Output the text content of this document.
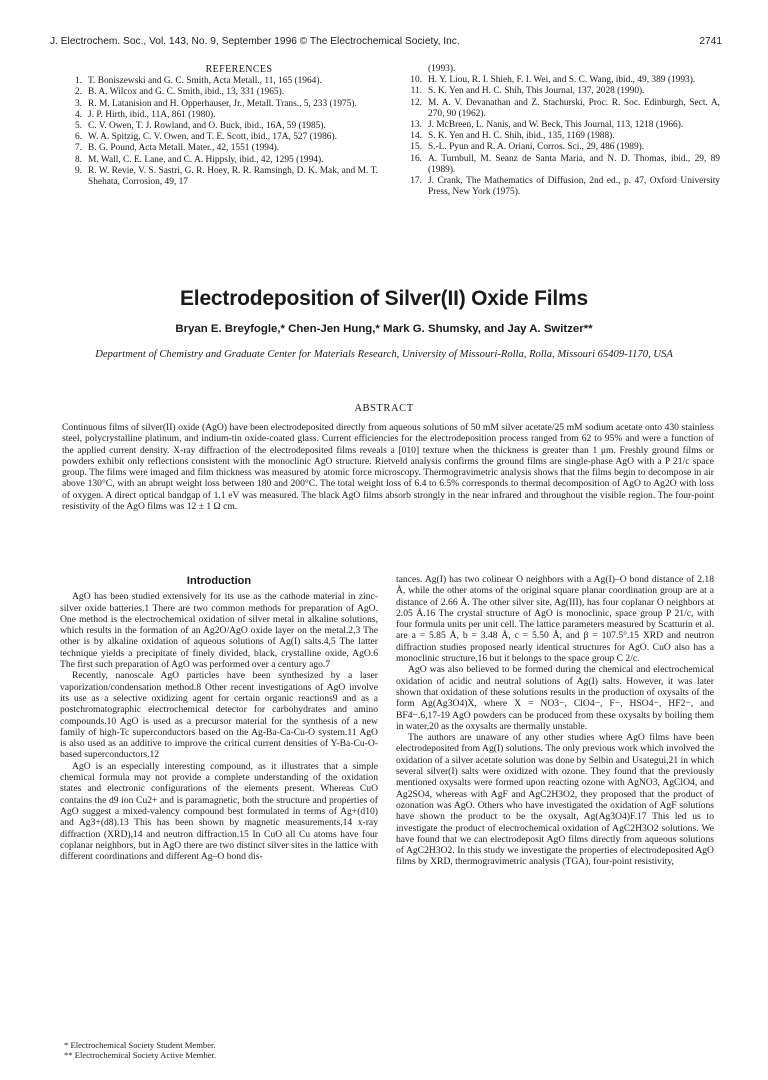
J. Electrochem. Soc., Vol. 143, No. 9, September 1996 © The Electrochemical Society, Inc.	2741
REFERENCES
1. T. Boniszewski and G. C. Smith, Acta Metall., 11, 165 (1964).
2. B. A. Wilcox and G. C. Smith, ibid., 13, 331 (1965).
3. R. M. Latanision and H. Opperhauser, Jr., Metall. Trans., 5, 233 (1975).
4. J. P. Hirth, ibid., 11A, 861 (1980).
5. C. V. Owen, T. J. Rowland, and O. Buck, ibid., 16A, 59 (1985).
6. W. A. Spitzig, C. V. Owen, and T. E. Scott, ibid., 17A, 527 (1986).
7. B. G. Pound, Acta Metall. Mater., 42, 1551 (1994).
8. M. Wall, C. E. Lane, and C. A. Hippsly, ibid., 42, 1295 (1994).
9. R. W. Revie, V. S. Sastri, G. R. Hoey, R. R. Ramsingh, D. K. Mak, and M. T. Shehata, Corrosion, 49, 17
(1993).
10. H. Y. Liou, R. I. Shieh, F. I. Wei, and S. C. Wang, ibid., 49, 389 (1993).
11. S. K. Yen and H. C. Shih, This Journal, 137, 2028 (1990).
12. M. A. V. Devanathan and Z. Stachurski, Proc. R. Soc. Edinburgh, Sect. A, 270, 90 (1962).
13. J. McBreen, L. Nanis, and W. Beck, This Journal, 113, 1218 (1966).
14. S. K. Yen and H. C. Shih, ibid., 135, 1169 (1988).
15. S.-L. Pyun and R. A. Oriani, Corros. Sci., 29, 486 (1989).
16. A. Turnbull, M. Seanz de Santa Maria, and N. D. Thomas, ibid., 29, 89 (1989).
17. J. Crank, The Mathematics of Diffusion, 2nd ed., p. 47, Oxford University Press, New York (1975).
Electrodeposition of Silver(II) Oxide Films
Bryan E. Breyfogle,* Chen-Jen Hung,* Mark G. Shumsky, and Jay A. Switzer**
Department of Chemistry and Graduate Center for Materials Research, University of Missouri-Rolla, Rolla, Missouri 65409-1170, USA
ABSTRACT
Continuous films of silver(II) oxide (AgO) have been electrodeposited directly from aqueous solutions of 50 mM silver acetate/25 mM sodium acetate onto 430 stainless steel, polycrystalline platinum, and indium-tin oxide-coated glass. Current efficiencies for the electrodeposition process ranged from 62 to 95% and were a function of the applied current density. X-ray diffraction of the electrodeposited films reveals a [010] texture when the thickness is greater than 1 μm. Freshly ground films or powders exhibit only reflections consistent with the monoclinic AgO structure. Rietveld analysis confirms the ground films are single-phase AgO with a P 21/c space group. The films were imaged and film thickness was measured by atomic force microscopy. Thermogravimetric analysis shows that the films begin to decompose in air above 130°C, with an abrupt weight loss between 180 and 200°C. The total weight loss of 6.4 to 6.5% corresponds to thermal decomposition of AgO to Ag2O with loss of oxygen. A direct optical bandgap of 1.1 eV was measured. The black AgO films absorb strongly in the near infrared and throughout the visible region. The four-point resistivity of the AgO films was 12 ± 1 Ω cm.
Introduction

AgO has been studied extensively for its use as the cathode material in zinc-silver oxide batteries.1 There are two common methods for preparation of AgO. One method is the electrochemical oxidation of silver metal in alkaline solutions, which results in the formation of an Ag2O/AgO oxide layer on the metal.2,3 The other is by alkaline oxidation of aqueous solutions of Ag(I) salts.4,5 The latter technique yields a precipitate of finely divided, black, crystalline oxide, AgO.6 The first such preparation of AgO was performed over a century ago.7

Recently, nanoscale AgO particles have been synthesized by a laser vaporization/condensation method.8 Other recent investigations of AgO involve its use as a selective oxidizing agent for certain organic reactions9 and as a postchromatographic electrochemical detector for carbohydrates and amino compounds.10 AgO is used as a precursor material for the synthesis of a new family of high-Tc superconductors based on the Ag-Ba-Ca-Cu-O system.11 AgO is also used as an additive to improve the critical current densities of Y-Ba-Cu-O-based superconductors.12

AgO is an especially interesting compound, as it illustrates that a simple chemical formula may not provide a complete understanding of the oxidation states and electronic configurations of the elements present. Whereas CuO contains the d9 ion Cu2+ and is paramagnetic, both the structure and properties of AgO suggest a mixed-valency compound best formulated in terms of Ag+(d10) and Ag3+(d8).13 This has been shown by magnetic measurements,14 x-ray diffraction (XRD),14 and neutron diffraction.15 In CuO all Cu atoms have four coplanar neighbors, but in AgO there are two distinct silver sites in the lattice with different coordinations and different Ag–O bond dis-

tances. Ag(I) has two colinear O neighbors with a Ag(I)–O bond distance of 2.18 Å, while the other atoms of the original square planar coordination group are at a distance of 2.66 Å. The other silver site, Ag(III), has four coplanar O neighbors at 2.05 Å.16 The crystal structure of AgO is monoclinic, space group P 21/c, with four formula units per unit cell. The lattice parameters measured by Scatturin et al. are a = 5.85 Å, b = 3.48 Å, c = 5.50 Å, and β = 107.5°.15 XRD and neutron diffraction studies proposed nearly identical structures for AgO. CuO also has a monoclinic structure,16 but it belongs to the space group C 2/c.

AgO was also believed to be formed during the chemical and electrochemical oxidation of acidic and neutral solutions of Ag(I) salts. However, it was later shown that oxidation of these solutions results in the production of oxysalts of the form Ag(Ag3O4)X, where X = NO3−, ClO4−, F−, HSO4−, HF2−, and BF4−.6,17-19 AgO powders can be produced from these oxysalts by boiling them in water,20 as the oxysalts are thermally unstable.

The authors are unaware of any other studies where AgO films have been electrodeposited from Ag(I) solutions. The only previous work which involved the oxidation of a silver acetate solution was done by Selbin and Usategui,21 in which several silver(I) salts were oxidized with ozone. They found that the previously mentioned oxysalts were formed upon reacting ozone with AgNO3, AgClO4, and Ag2SO4, whereas with AgF and AgC2H3O2, they proposed that the product of ozonation was AgO. Others who have investigated the oxidation of AgF solutions have shown the product to be the oxysalt, Ag(Ag3O4)F.17 This led us to investigate the product of electrochemical oxidation of AgC2H3O2 solutions. We have found that we can electrodeposit AgO films directly from aqueous solutions of AgC2H3O2. In this study we investigate the properties of electrodeposited AgO films by XRD, thermogravimetric analysis (TGA), four-point resistivity,

* Electrochemical Society Student Member.
** Electrochemical Society Active Member.
